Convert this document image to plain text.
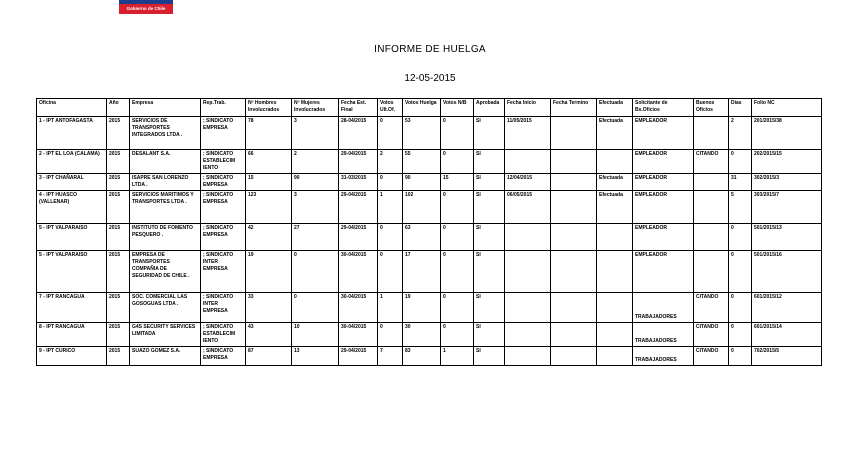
Gobierno de Chile
INFORME DE HUELGA
12-05-2015
Oficina	Año	Empresa	Rep.Trab.	Nº Hombres Involucrados	Nº Mujeres Involucrados	Fecha Est. Final	Votos Ult.Of.	Votos Huelga	Votos N/B	Aprobada	Fecha Inicio	Fecha Termino	Efectuada	Solicitante de Bs.Oficios	Buenos Oficios	Días	Folio NC
1 - IPT ANTOFAGASTA	2015	SERVICIOS DE TRANSPORTES INTEGRADOS LTDA .	; SINDICATO EMPRESA	78	3	28-04/2015	0	53	0	SI	11/05/2015		Efectuada	EMPLEADOR		2	201/2015/38
2 - IPT EL LOA (CALAMA)	2015	DESALANT S.A.	; SINDICATO ESTABLECIM IENTO	66	2	29-04/2015	2	55	0	SI				EMPLEADOR	CITANDO	0	202/2015/15
3 - IPT CHAÑARAL	2015	ISAPRE SAN LORENZO LTDA .	; SINDICATO EMPRESA	15	90	31-03/2015	0	90	15	SI	12/04/2015		Efectuada	EMPLEADOR		31	302/2015/3
4 - IPT HUASCO (VALLENAR)	2015	SERVICIOS MARITIMOS Y TRANSPORTES LTDA .	; SINDICATO EMPRESA	123	3	29-04/2015	1	102	0	SI	06/05/2015		Efectuada	EMPLEADOR		5	303/2015/7
5 - IPT VALPARAISO	2015	INSTITUTO DE FOMENTO PESQUERO .	; SINDICATO EMPRESA	42	27	29-04/2015	0	63	0	SI				EMPLEADOR		0	501/2015/13
5 - IPT VALPARAISO	2015	EMPRESA DE TRANSPORTES COMPAÑIA DE SEGURIDAD DE CHILE .	; SINDICATO INTER EMPRESA	19	0	30-04/2015	0	17	0	SI				EMPLEADOR		0	501/2015/16
7 - IPT RANCAGUA	2015	SOC. COMERCIAL LAS GOSOGUAS LTDA .	; SINDICATO INTER EMPRESA	33	0	30-04/2015	1	19	0	SI				TRABAJADORES	CITANDO	0	601/2015/12
8 - IPT RANCAGUA	2015	G4S SECURITY SERVICES LIMITADA	; SINDICATO ESTABLECIM IENTO	43	10	30-04/2015	0	30	0	SI				TRABAJADORES	CITANDO	0	601/2015/14
9 - IPT CURICO	2015	SUAZO GOMEZ S.A.	; SINDICATO EMPRESA	87	13	29-04/2015	7	83	1	SI				TRABAJADORES	CITANDO	0	702/2015/5
